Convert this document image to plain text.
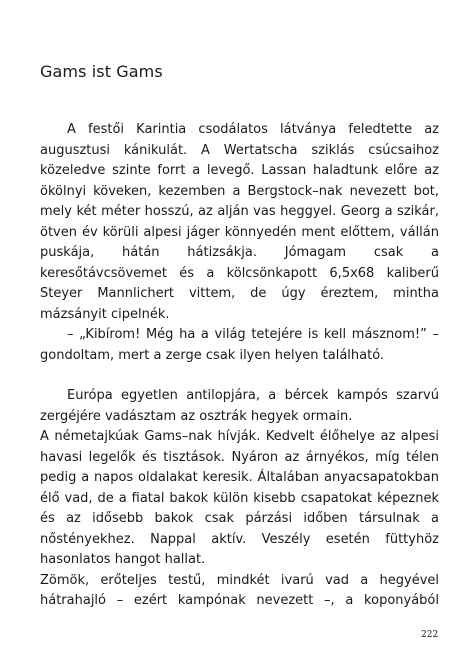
Gams ist Gams
A festői Karintia csodálatos látványa feledtette az
augusztusi kánikulát. A Wertatscha sziklás csúcsaihoz
közeledve szinte forrt a levegő. Lassan haladtunk előre az
ökölnyi köveken, kezemben a Bergstock–nak nevezett bot,
mely két méter hosszú, az alján vas heggyel. Georg a szikár,
ötven év körüli alpesi jáger könnyedén ment előttem, vállán
puskája, hátán hátizsákja. Jómagam csak a
keresőtávcsövemet és a kölcsönkapott 6,5x68 kaliberű
Steyer Mannlichert vittem, de úgy éreztem, mintha
mázsányit cipelnék.
– „Kibírom! Még ha a világ tetejére is kell másznom!” –
gondoltam, mert a zerge csak ilyen helyen található.
Európa egyetlen antilopjára, a bércek kampós szarvú
zergéjére vadásztam az osztrák hegyek ormain.
A németajkúak Gams–nak hívják. Kedvelt élőhelye az alpesi
havasi legelők és tisztások. Nyáron az árnyékos, míg télen
pedig a napos oldalakat keresik. Általában anyacsapatokban
élő vad, de a fiatal bakok külön kisebb csapatokat képeznek
és az idősebb bakok csak párzási időben társulnak a
nőstényekhez. Nappal aktív. Veszély esetén füttyhöz
hasonlatos hangot hallat.
Zömök, erőteljes testű, mindkét ivarú vad a hegyével
hátrahajló – ezért kampónak nevezett –, a koponyából
222
